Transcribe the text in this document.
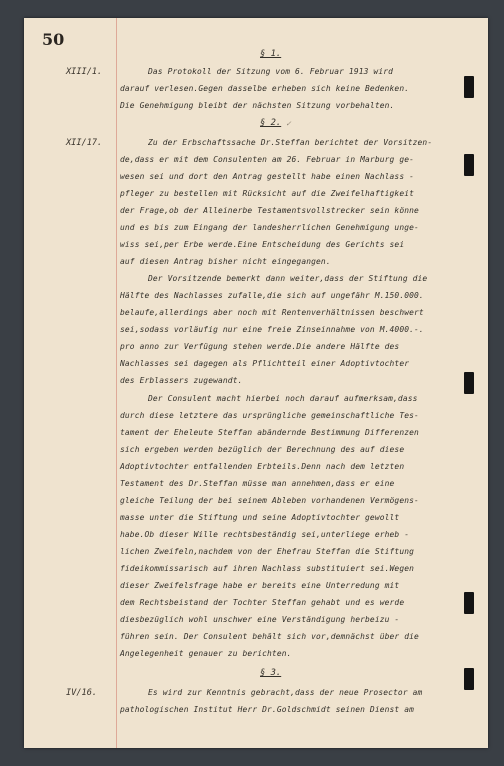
50
✓
§ 1.
XIII/1.	Das Protokoll der Sitzung vom 6. Februar 1913 wird
darauf verlesen.Gegen dasselbe erheben sich keine Bedenken.
Die Genehmigung bleibt der nächsten Sitzung vorbehalten.
§ 2.
XII/17.	Zu der Erbschaftssache Dr.Steffan berichtet der Vorsitzen-
de,dass er mit dem Consulenten am 26. Februar in Marburg ge-
wesen sei und dort den Antrag gestellt habe einen Nachlass -
pfleger zu bestellen mit Rücksicht auf die Zweifelhaftigkeit
der Frage,ob der Alleinerbe Testamentsvollstrecker sein könne
und es bis zum Eingang der landesherrlichen Genehmigung unge-
wiss sei,per Erbe werde.Eine Entscheidung des Gerichts sei
auf diesen Antrag bisher nicht eingegangen.
Der Vorsitzende bemerkt dann weiter,dass der Stiftung die
Hälfte des Nachlasses zufalle,die sich auf ungefähr M.150.000.
belaufe,allerdings aber noch mit Rentenverhältnissen beschwert
sei,sodass vorläufig nur eine freie Zinseinnahme von M.4000.-.
pro anno zur Verfügung stehen werde.Die andere Hälfte des
Nachlasses sei dagegen als Pflichtteil einer Adoptivtochter
des Erblassers zugewandt.
Der Consulent macht hierbei noch darauf aufmerksam,dass
durch diese letztere das ursprüngliche gemeinschaftliche Tes-
tament der Eheleute Steffan abändernde Bestimmung Differenzen
sich ergeben werden bezüglich der Berechnung des auf diese
Adoptivtochter entfallenden Erbteils.Denn nach dem letzten
Testament des Dr.Steffan müsse man annehmen,dass er eine
gleiche Teilung der bei seinem Ableben vorhandenen Vermögens-
masse unter die Stiftung und seine Adoptivtochter gewollt
habe.Ob dieser Wille rechtsbeständig sei,unterliege erheb -
lichen Zweifeln,nachdem von der Ehefrau Steffan die Stiftung
fideikommissarisch auf ihren Nachlass substituiert sei.Wegen
dieser Zweifelsfrage habe er bereits eine Unterredung mit
dem Rechtsbeistand der Tochter Steffan gehabt und es werde
diesbezüglich wohl unschwer eine Verständigung herbeizu -
führen sein. Der Consulent behält sich vor,demnächst über die
Angelegenheit genauer zu berichten.
§ 3.
IV/16.	Es wird zur Kenntnis gebracht,dass der neue Prosector am
pathologischen Institut Herr Dr.Goldschmidt seinen Dienst am
